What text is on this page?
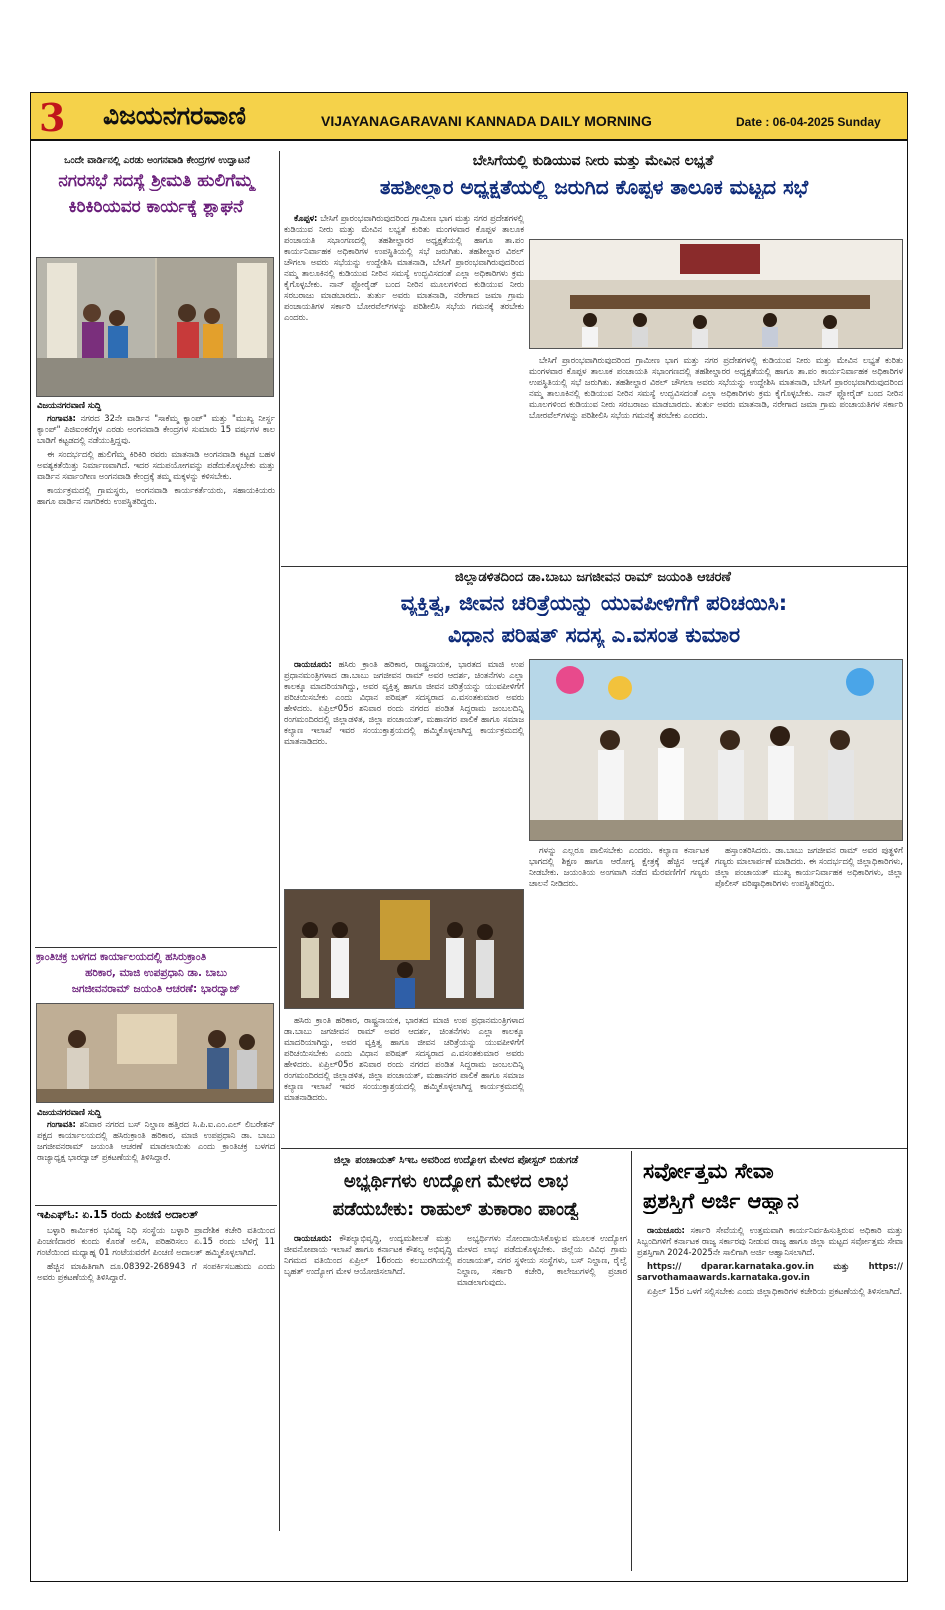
3 ವಿಜಯನಗರವಾಣಿ	VIJAYANAGARAVANI KANNADA DAILY MORNING	Date : 06-04-2025 Sunday
ಒಂದೇ ವಾರ್ಡಿನಲ್ಲಿ ಎರಡು ಅಂಗನವಾಡಿ ಕೇಂದ್ರಗಳ ಉದ್ಘಾಟನೆ
ನಗರಸಭೆ ಸದಸ್ಯೆ ಶ್ರೀಮತಿ ಹುಲಿಗೆಮ್ಮ
ಕಿರಿಕಿರಿಯವರ ಕಾರ್ಯಕ್ಕೆ ಶ್ಲಾಘನೆ
ವಿಜಯನಗರವಾಣಿ ಸುದ್ದಿ

ಗಂಗಾವತಿ: ನಗರದ 32ನೇ ವಾರ್ಡಿನ "ಸಾಕೆಮ್ಮ ಕ್ಯಾಂಪ್" ಮತ್ತು "ಮುಖ್ಯ ನೀರ್ಸ್ದ ಕ್ಯಾಂಪ್" ಪಿಜಿಐಂಕರೆಗ್ಗಳ ಎರಡು ಅಂಗನವಾಡಿ ಕೇಂದ್ರಗಳ ಸುಮಾರು 15 ವರ್ಷಗಳ ಕಾಲ ಬಾಡಿಗೆ ಕಟ್ಟಡದಲ್ಲಿ ನಡೆಯುತ್ತಿದ್ದವು.

ಈ ಸಂದರ್ಭದಲ್ಲಿ ಹುಲಿಗೆಮ್ಮ ಕಿರಿಕಿರಿ ರವರು ಮಾತನಾಡಿ ಅಂಗನವಾಡಿ ಕಟ್ಟಡ ಬಹಳ ಅವಶ್ಯಕತೆಯಿತ್ತು ನಿರ್ಮಾಣವಾಗಿದೆ. ಇದರ ಸದುಪಯೋಗವನ್ನು ಪಡೆದುಕೊಳ್ಳಬೇಕು ಮತ್ತು ವಾರ್ಡಿನ ಸರ್ವಾಂಗೀಣ ಅಂಗನವಾಡಿ ಕೇಂದ್ರಕ್ಕೆ ತಮ್ಮ ಮಕ್ಕಳನ್ನು ಕಳಿಸಬೇಕು.

ಕಾರ್ಯಕ್ರಮದಲ್ಲಿ ಗ್ರಾಮಸ್ಥರು, ಅಂಗನವಾಡಿ ಕಾರ್ಯಕರ್ತೆಯರು, ಸಹಾಯಕಿಯರು ಹಾಗೂ ವಾರ್ಡಿನ ನಾಗರಿಕರು ಉಪಸ್ಥಿತರಿದ್ದರು.

ಕ್ರಾಂತಿಚಕ್ರ ಬಳಗದ ಕಾರ್ಯಾಲಯದಲ್ಲಿ ಹಸಿರುಕ್ರಾಂತಿ
ಹರಿಕಾರ, ಮಾಜಿ ಉಪಪ್ರಧಾನಿ ಡಾ. ಬಾಬು
ಜಗಜೀವನರಾಮ್ ಜಯಂತಿ ಆಚರಣೆ: ಭಾರದ್ವಾಜ್
ವಿಜಯನಗರವಾಣಿ ಸುದ್ದಿ

ಗಂಗಾವತಿ: ಶನಿವಾರ ನಗರದ ಬಸ್ ನಿಲ್ದಾಣ ಹತ್ತಿರದ ಸಿ.ಪಿ.ಐ.ಎಂ.ಎಲ್ ಲಿಬರೇಶನ್ ಪಕ್ಷದ ಕಾರ್ಯಾಲಯದಲ್ಲಿ ಹಸಿರುಕ್ರಾಂತಿ ಹರಿಕಾರ, ಮಾಜಿ ಉಪಪ್ರಧಾನಿ ಡಾ. ಬಾಬು ಜಗಜೀವನರಾಮ್ ಜಯಂತಿ ಆಚರಣೆ ಮಾಡಲಾಯಿತು ಎಂದು ಕ್ರಾಂತಿಚಕ್ರ ಬಳಗದ ರಾಜ್ಯಾಧ್ಯಕ್ಷ ಭಾರದ್ವಾಜ್ ಪ್ರಕಟಣೆಯಲ್ಲಿ ತಿಳಿಸಿದ್ದಾರೆ.

ಇಪಿಎಫ್ಓ: ಏ.15 ರಂದು ಪಿಂಚಣಿ ಅದಾಲತ್

ಬಳ್ಳಾರಿ ಕಾರ್ಮಿಕರ ಭವಿಷ್ಯ ನಿಧಿ ಸಂಸ್ಥೆಯ ಬಳ್ಳಾರಿ ಪ್ರಾದೇಶಿಕ ಕಚೇರಿ ವತಿಯಿಂದ ಪಿಂಚಣಿದಾರರ ಕುಂದು ಕೊರತೆ ಅಲಿಸಿ, ಪರಿಹರಿಸಲು ಏ.15 ರಂದು ಬೆಳಿಗ್ಗೆ 11 ಗಂಟೆಯಿಂದ ಮಧ್ಯಾಹ್ನ 01 ಗಂಟೆಯವರೆಗೆ ಪಿಂಚಣಿ ಅದಾಲತ್ ಹಮ್ಮಿಕೊಳ್ಳಲಾಗಿದೆ.

ಹೆಚ್ಚಿನ ಮಾಹಿತಿಗಾಗಿ ದೂ.08392-268943 ಗೆ ಸಂಪರ್ಕಿಸಬಹುದು ಎಂದು ಅವರು ಪ್ರಕಟಣೆಯಲ್ಲಿ ತಿಳಿಸಿದ್ದಾರೆ.

ಬೇಸಿಗೆಯಲ್ಲಿ ಕುಡಿಯುವ ನೀರು ಮತ್ತು ಮೇವಿನ ಲಭ್ಯತೆ
ತಹಶೀಲ್ದಾರ ಅಧ್ಯಕ್ಷತೆಯಲ್ಲಿ ಜರುಗಿದ ಕೊಪ್ಪಳ ತಾಲೂಕ ಮಟ್ಟದ ಸಭೆ

ಕೊಪ್ಪಳ: ಬೇಸಿಗೆ ಪ್ರಾರಂಭವಾಗಿರುವುದರಿಂದ ಗ್ರಾಮೀಣ ಭಾಗ ಮತ್ತು ನಗರ ಪ್ರದೇಶಗಳಲ್ಲಿ ಕುಡಿಯುವ ನೀರು ಮತ್ತು ಮೇವಿನ ಲಭ್ಯತೆ ಕುರಿತು ಮಂಗಳವಾರ ಕೊಪ್ಪಳ ತಾಲೂಕ ಪಂಚಾಯತಿ ಸಭಾಂಗಣದಲ್ಲಿ ತಹಶೀಲ್ದಾರರ ಅಧ್ಯಕ್ಷತೆಯಲ್ಲಿ ಹಾಗೂ ತಾ.ಪಂ ಕಾರ್ಯನಿರ್ವಾಹಕ ಅಧಿಕಾರಿಗಳ ಉಪಸ್ಥಿತಿಯಲ್ಲಿ ಸಭೆ ಜರುಗಿತು. ತಹಶೀಲ್ದಾರ ವಿಠಲ್ ಚೌಗಲಾ ಅವರು ಸಭೆಯನ್ನು ಉದ್ದೇಶಿಸಿ ಮಾತನಾಡಿ, ಬೇಸಿಗೆ ಪ್ರಾರಂಭವಾಗಿರುವುದರಿಂದ ನಮ್ಮ ತಾಲೂಕಿನಲ್ಲಿ ಕುಡಿಯುವ ನೀರಿನ ಸಮಸ್ಯೆ ಉದ್ಭವಿಸದಂತೆ ಎಲ್ಲಾ ಅಧಿಕಾರಿಗಳು ಕ್ರಮ ಕೈಗೊಳ್ಳಬೇಕು. ನಾನ್ ಫ್ಲೋರೈಡ್ ಬಂದ ನೀರಿನ ಮೂಲಗಳಿಂದ ಕುಡಿಯುವ ನೀರು ಸರಬರಾಜು ಮಾಡಬಾರದು. ತುರ್ತು ಅವರು ಮಾತನಾಡಿ, ನರೇಗಾದ ಜಮಾ ಗ್ರಾಮ ಪಂಚಾಯತಿಗಳ ಸರ್ಕಾರಿ ಬೋರವೆಲ್‌ಗಳನ್ನು ಪರಿಶೀಲಿಸಿ ಸಭೆಯ ಗಮನಕ್ಕೆ ತರಬೇಕು ಎಂದರು.

ಬೇಸಿಗೆ ಪ್ರಾರಂಭವಾಗಿರುವುದರಿಂದ ಗ್ರಾಮೀಣ ಭಾಗ ಮತ್ತು ನಗರ ಪ್ರದೇಶಗಳಲ್ಲಿ ಕುಡಿಯುವ ನೀರು ಮತ್ತು ಮೇವಿನ ಲಭ್ಯತೆ ಕುರಿತು ಮಂಗಳವಾರ ಕೊಪ್ಪಳ ತಾಲೂಕ ಪಂಚಾಯತಿ ಸಭಾಂಗಣದಲ್ಲಿ ತಹಶೀಲ್ದಾರರ ಅಧ್ಯಕ್ಷತೆಯಲ್ಲಿ ಹಾಗೂ ತಾ.ಪಂ ಕಾರ್ಯನಿರ್ವಾಹಕ ಅಧಿಕಾರಿಗಳ ಉಪಸ್ಥಿತಿಯಲ್ಲಿ ಸಭೆ ಜರುಗಿತು. ತಹಶೀಲ್ದಾರ ವಿಠಲ್ ಚೌಗಲಾ ಅವರು ಸಭೆಯನ್ನು ಉದ್ದೇಶಿಸಿ ಮಾತನಾಡಿ, ಬೇಸಿಗೆ ಪ್ರಾರಂಭವಾಗಿರುವುದರಿಂದ ನಮ್ಮ ತಾಲೂಕಿನಲ್ಲಿ ಕುಡಿಯುವ ನೀರಿನ ಸಮಸ್ಯೆ ಉದ್ಭವಿಸದಂತೆ ಎಲ್ಲಾ ಅಧಿಕಾರಿಗಳು ಕ್ರಮ ಕೈಗೊಳ್ಳಬೇಕು. ನಾನ್ ಫ್ಲೋರೈಡ್ ಬಂದ ನೀರಿನ ಮೂಲಗಳಿಂದ ಕುಡಿಯುವ ನೀರು ಸರಬರಾಜು ಮಾಡಬಾರದು. ತುರ್ತು ಅವರು ಮಾತನಾಡಿ, ನರೇಗಾದ ಜಮಾ ಗ್ರಾಮ ಪಂಚಾಯತಿಗಳ ಸರ್ಕಾರಿ ಬೋರವೆಲ್‌ಗಳನ್ನು ಪರಿಶೀಲಿಸಿ ಸಭೆಯ ಗಮನಕ್ಕೆ ತರಬೇಕು ಎಂದರು.

ಜಿಲ್ಲಾಡಳಿತದಿಂದ ಡಾ.ಬಾಬು ಜಗಜೀವನ ರಾಮ್ ಜಯಂತಿ ಆಚರಣೆ
ವ್ಯಕ್ತಿತ್ವ, ಜೀವನ ಚರಿತ್ರೆಯನ್ನು ಯುವಪೀಳಿಗೆಗೆ ಪರಿಚಯಿಸಿ:
ವಿಧಾನ ಪರಿಷತ್ ಸದಸ್ಯ ಎ.ವಸಂತ ಕುಮಾರ

ರಾಯಚೂರು: ಹಸಿರು ಕ್ರಾಂತಿ ಹರಿಕಾರ, ರಾಷ್ಟ್ರನಾಯಕ, ಭಾರತದ ಮಾಜಿ ಉಪ ಪ್ರಧಾನಮಂತ್ರಿಗಳಾದ ಡಾ.ಬಾಬು ಜಗಜೀವನ ರಾಮ್ ಅವರ ಆದರ್ಶ, ಚಿಂತನೆಗಳು ಎಲ್ಲಾ ಕಾಲಕ್ಕೂ ಮಾದರಿಯಾಗಿದ್ದು, ಅವರ ವ್ಯಕ್ತಿತ್ವ ಹಾಗೂ ಜೀವನ ಚರಿತ್ರೆಯನ್ನು ಯುವಪೀಳಿಗೆಗೆ ಪರಿಚಯಿಸಬೇಕು ಎಂದು ವಿಧಾನ ಪರಿಷತ್ ಸದಸ್ಯರಾದ ಎ.ವಸಂತಕುಮಾರ ಅವರು ಹೇಳಿದರು. ಏಪ್ರಿಲ್05ರ ಶನಿವಾರ ರಂದು ನಗರದ ಪಂಡಿತ ಸಿದ್ದರಾಮ ಜಂಬಲದಿನ್ನಿ ರಂಗಮಂದಿರದಲ್ಲಿ ಜಿಲ್ಲಾಡಳಿತ, ಜಿಲ್ಲಾ ಪಂಚಾಯತ್, ಮಹಾನಗರ ಪಾಲಿಕೆ ಹಾಗೂ ಸಮಾಜ ಕಲ್ಯಾಣ ಇಲಾಖೆ ಇವರ ಸಂಯುಕ್ತಾಶ್ರಯದಲ್ಲಿ ಹಮ್ಮಿಕೊಳ್ಳಲಾಗಿದ್ದ ಕಾರ್ಯಕ್ರಮದಲ್ಲಿ ಮಾತನಾಡಿದರು.

ಗಳನ್ನು ಎಲ್ಲರೂ ಪಾಲಿಸಬೇಕು ಎಂದರು. ಕಲ್ಯಾಣ ಕರ್ನಾಟಕ ಭಾಗದಲ್ಲಿ ಶಿಕ್ಷಣ ಹಾಗೂ ಆರೋಗ್ಯ ಕ್ಷೇತ್ರಕ್ಕೆ ಹೆಚ್ಚಿನ ಆದ್ಯತೆ ನೀಡಬೇಕು. ಜಯಂತಿಯ ಅಂಗವಾಗಿ ನಡೆದ ಮೆರವಣಿಗೆಗೆ ಗಣ್ಯರು ಚಾಲನೆ ನೀಡಿದರು.

ಹಸ್ತಾಂತರಿಸಿದರು. ಡಾ.ಬಾಬು ಜಗಜೀವನ ರಾಮ್ ಅವರ ಪುತ್ಥಳಿಗೆ ಗಣ್ಯರು ಮಾಲಾರ್ಪಣೆ ಮಾಡಿದರು. ಈ ಸಂದರ್ಭದಲ್ಲಿ ಜಿಲ್ಲಾಧಿಕಾರಿಗಳು, ಜಿಲ್ಲಾ ಪಂಚಾಯತ್ ಮುಖ್ಯ ಕಾರ್ಯನಿರ್ವಾಹಕ ಅಧಿಕಾರಿಗಳು, ಜಿಲ್ಲಾ ಪೊಲೀಸ್ ವರಿಷ್ಠಾಧಿಕಾರಿಗಳು ಉಪಸ್ಥಿತರಿದ್ದರು.

ಹಸಿರು ಕ್ರಾಂತಿ ಹರಿಕಾರ, ರಾಷ್ಟ್ರನಾಯಕ, ಭಾರತದ ಮಾಜಿ ಉಪ ಪ್ರಧಾನಮಂತ್ರಿಗಳಾದ ಡಾ.ಬಾಬು ಜಗಜೀವನ ರಾಮ್ ಅವರ ಆದರ್ಶ, ಚಿಂತನೆಗಳು ಎಲ್ಲಾ ಕಾಲಕ್ಕೂ ಮಾದರಿಯಾಗಿದ್ದು, ಅವರ ವ್ಯಕ್ತಿತ್ವ ಹಾಗೂ ಜೀವನ ಚರಿತ್ರೆಯನ್ನು ಯುವಪೀಳಿಗೆಗೆ ಪರಿಚಯಿಸಬೇಕು ಎಂದು ವಿಧಾನ ಪರಿಷತ್ ಸದಸ್ಯರಾದ ಎ.ವಸಂತಕುಮಾರ ಅವರು ಹೇಳಿದರು. ಏಪ್ರಿಲ್05ರ ಶನಿವಾರ ರಂದು ನಗರದ ಪಂಡಿತ ಸಿದ್ದರಾಮ ಜಂಬಲದಿನ್ನಿ ರಂಗಮಂದಿರದಲ್ಲಿ ಜಿಲ್ಲಾಡಳಿತ, ಜಿಲ್ಲಾ ಪಂಚಾಯತ್, ಮಹಾನಗರ ಪಾಲಿಕೆ ಹಾಗೂ ಸಮಾಜ ಕಲ್ಯಾಣ ಇಲಾಖೆ ಇವರ ಸಂಯುಕ್ತಾಶ್ರಯದಲ್ಲಿ ಹಮ್ಮಿಕೊಳ್ಳಲಾಗಿದ್ದ ಕಾರ್ಯಕ್ರಮದಲ್ಲಿ ಮಾತನಾಡಿದರು.

ಜಿಲ್ಲಾ ಪಂಚಾಯತ್ ಸಿಇಒ ಅವರಿಂದ ಉದ್ಯೋಗ ಮೇಳದ ಪೋಸ್ಟರ್ ಬಿಡುಗಡೆ
ಅಭ್ಯರ್ಥಿಗಳು ಉದ್ಯೋಗ ಮೇಳದ ಲಾಭ
ಪಡೆಯಬೇಕು: ರಾಹುಲ್ ತುಕಾರಾಂ ಪಾಂಡ್ವೆ

ರಾಯಚೂರು: ಕೌಶಲ್ಯಾಭಿವೃದ್ಧಿ, ಉದ್ಯಮಶೀಲತೆ ಮತ್ತು ಜೀವನೋಪಾಯ ಇಲಾಖೆ ಹಾಗೂ ಕರ್ನಾಟಕ ಕೌಶಲ್ಯ ಅಭಿವೃದ್ಧಿ ನಿಗಮದ ವತಿಯಿಂದ ಏಪ್ರಿಲ್ 16ರಂದು ಕಲಬುರಗಿಯಲ್ಲಿ ಬೃಹತ್ ಉದ್ಯೋಗ ಮೇಳ ಆಯೋಜಿಸಲಾಗಿದೆ.

ಅಭ್ಯರ್ಥಿಗಳು ನೋಂದಾಯಿಸಿಕೊಳ್ಳುವ ಮೂಲಕ ಉದ್ಯೋಗ ಮೇಳದ ಲಾಭ ಪಡೆದುಕೊಳ್ಳಬೇಕು. ಜಿಲ್ಲೆಯ ವಿವಿಧ ಗ್ರಾಮ ಪಂಚಾಯತ್, ನಗರ ಸ್ಥಳೀಯ ಸಂಸ್ಥೆಗಳು, ಬಸ್ ನಿಲ್ದಾಣ, ರೈಲ್ವೆ ನಿಲ್ದಾಣ, ಸರ್ಕಾರಿ ಕಚೇರಿ, ಕಾಲೇಜುಗಳಲ್ಲಿ ಪ್ರಚಾರ ಮಾಡಲಾಗುವುದು.

ಸರ್ವೋತ್ತಮ ಸೇವಾ
ಪ್ರಶಸ್ತಿಗೆ ಅರ್ಜಿ ಆಹ್ವಾನ

ರಾಯಚೂರು: ಸರ್ಕಾರಿ ಸೇವೆಯಲ್ಲಿ ಉತ್ತಮವಾಗಿ ಕಾರ್ಯನಿರ್ವಹಿಸುತ್ತಿರುವ ಅಧಿಕಾರಿ ಮತ್ತು ಸಿಬ್ಬಂದಿಗಳಿಗೆ ಕರ್ನಾಟಕ ರಾಜ್ಯ ಸರ್ಕಾರವು ನೀಡುವ ರಾಜ್ಯ ಹಾಗೂ ಜಿಲ್ಲಾ ಮಟ್ಟದ ಸರ್ವೋತ್ತಮ ಸೇವಾ ಪ್ರಶಸ್ತಿಗಾಗಿ 2024-2025ನೇ ಸಾಲಿಗಾಗಿ ಅರ್ಜಿ ಆಹ್ವಾನಿಸಲಾಗಿದೆ.

https:// dparar.karnataka.gov.in ಮತ್ತು https:// sarvothamaawards.karnataka.gov.in

ಏಪ್ರಿಲ್ 15ರ ಒಳಗೆ ಸಲ್ಲಿಸಬೇಕು ಎಂದು ಜಿಲ್ಲಾಧಿಕಾರಿಗಳ ಕಚೇರಿಯ ಪ್ರಕಟಣೆಯಲ್ಲಿ ತಿಳಿಸಲಾಗಿದೆ.
